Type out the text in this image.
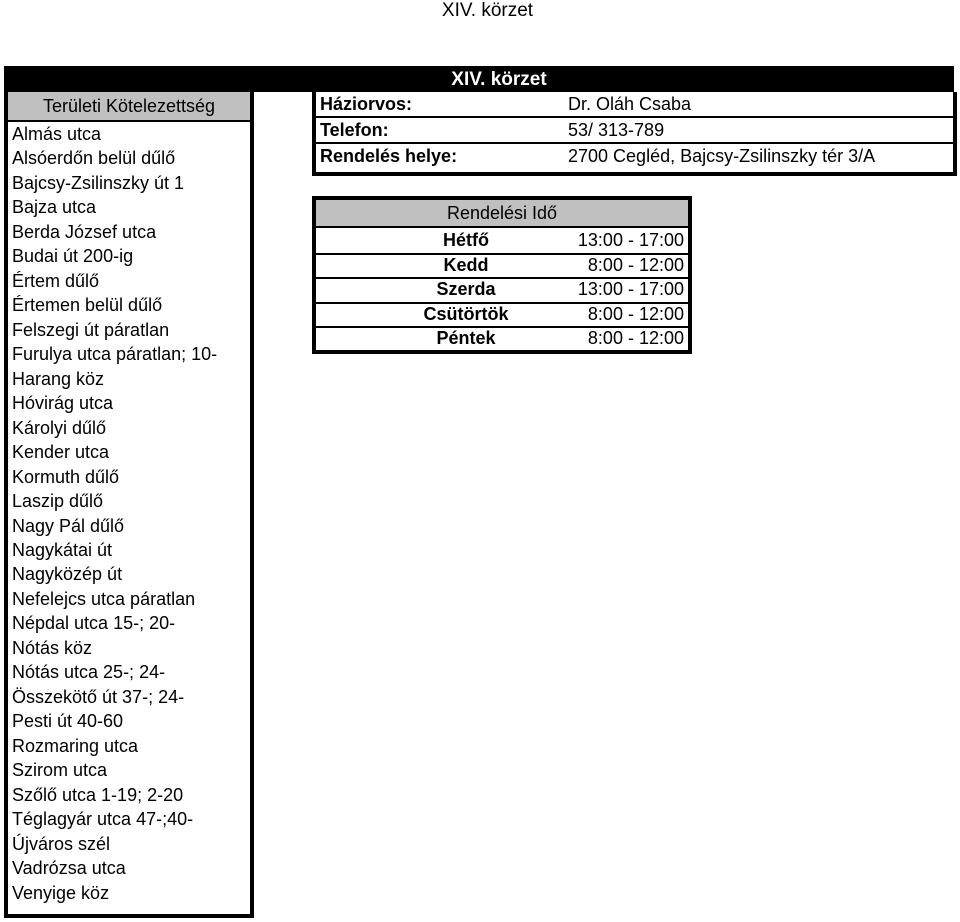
XIV. körzet
XIV. körzet
Területi Kötelezettség
Almás utca
Alsóerdőn belül dűlő
Bajcsy-Zsilinszky út 1
Bajza utca
Berda József utca
Budai út 200-ig
Értem dűlő
Értemen belül dűlő
Felszegi út páratlan
Furulya utca páratlan; 10-
Harang köz
Hóvirág utca
Károlyi dűlő
Kender utca
Kormuth dűlő
Laszip dűlő
Nagy Pál dűlő
Nagykátai út
Nagyközép út
Nefelejcs utca páratlan
Népdal utca 15-; 20-
Nótás köz
Nótás utca 25-; 24-
Összekötő út 37-; 24-
Pesti út 40-60
Rozmaring utca
Szirom utca
Szőlő utca 1-19; 2-20
Téglagyár utca 47-;40-
Újváros szél
Vadrózsa utca
Venyige köz
Háziorvos:	Dr. Oláh Csaba
Telefon:	53/ 313-789
Rendelés helye:	2700 Cegléd, Bajcsy-Zsilinszky tér 3/A
Rendelési Idő
Hétfő	13:00 - 17:00
Kedd	8:00 - 12:00
Szerda	13:00 - 17:00
Csütörtök	8:00 - 12:00
Péntek	8:00 - 12:00
